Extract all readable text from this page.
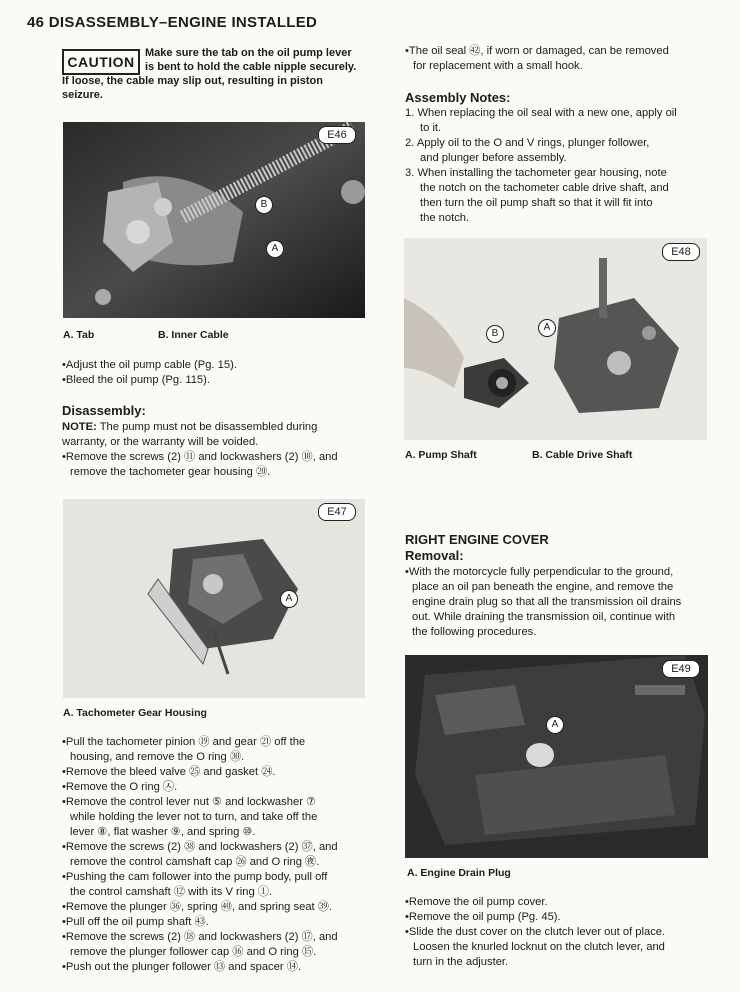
46 DISASSEMBLY–ENGINE INSTALLED
CAUTION
Make sure the tab on the oil pump lever
is bent to hold the cable nipple securely.
If loose, the cable may slip out, resulting in piston
seizure.
E46
B
A
A. Tab	B. Inner Cable
•Adjust the oil pump cable (Pg. 15).
•Bleed the oil pump (Pg. 115).
Disassembly:
NOTE: The pump must not be disassembled during
warranty, or the warranty will be voided.
•Remove the screws (2) ⑪ and lockwashers (2) ⑩, and
remove the tachometer gear housing ⑳.
E47
A
A. Tachometer Gear Housing
•Pull the tachometer pinion ⑲ and gear ㉑ off the
housing, and remove the O ring ㉚.
•Remove the bleed valve ㉕ and gasket ㉔.
•Remove the O ring ㉦.
•Remove the control lever nut ⑤ and lockwasher ⑦
while holding the lever not to turn, and take off the
lever ⑧, flat washer ⑨, and spring ⑩.
•Remove the screws (2) ㊳ and lockwashers (2) ㊲, and
remove the control camshaft cap ㉖ and O ring ㊰.
•Pushing the cam follower into the pump body, pull off
the control camshaft ⑫ with its V ring ①.
•Remove the plunger ㊱, spring ㊵, and spring seat ㊴.
•Pull off the oil pump shaft ㊸.
•Remove the screws (2) ⑱ and lockwashers (2) ⑰, and
remove the plunger follower cap ⑯ and O ring ⑮.
•Push out the plunger follower ⑬ and spacer ⑭.
•The oil seal ㊷, if worn or damaged, can be removed
for replacement with a small hook.
Assembly Notes:
1. When replacing the oil seal with a new one, apply oil
to it.
2. Apply oil to the O and V rings, plunger follower,
and plunger before assembly.
3. When installing the tachometer gear housing, note
the notch on the tachometer cable drive shaft, and
then turn the oil pump shaft so that it will fit into
the notch.
E48
A
B
A. Pump Shaft	B. Cable Drive Shaft
RIGHT ENGINE COVER
Removal:
•With the motorcycle fully perpendicular to the ground,
place an oil pan beneath the engine, and remove the
engine drain plug so that all the transmission oil drains
out. While draining the transmission oil, continue with
the following procedures.
E49
A
A. Engine Drain Plug
•Remove the oil pump cover.
•Remove the oil pump (Pg. 45).
•Slide the dust cover on the clutch lever out of place.
Loosen the knurled locknut on the clutch lever, and
turn in the adjuster.
